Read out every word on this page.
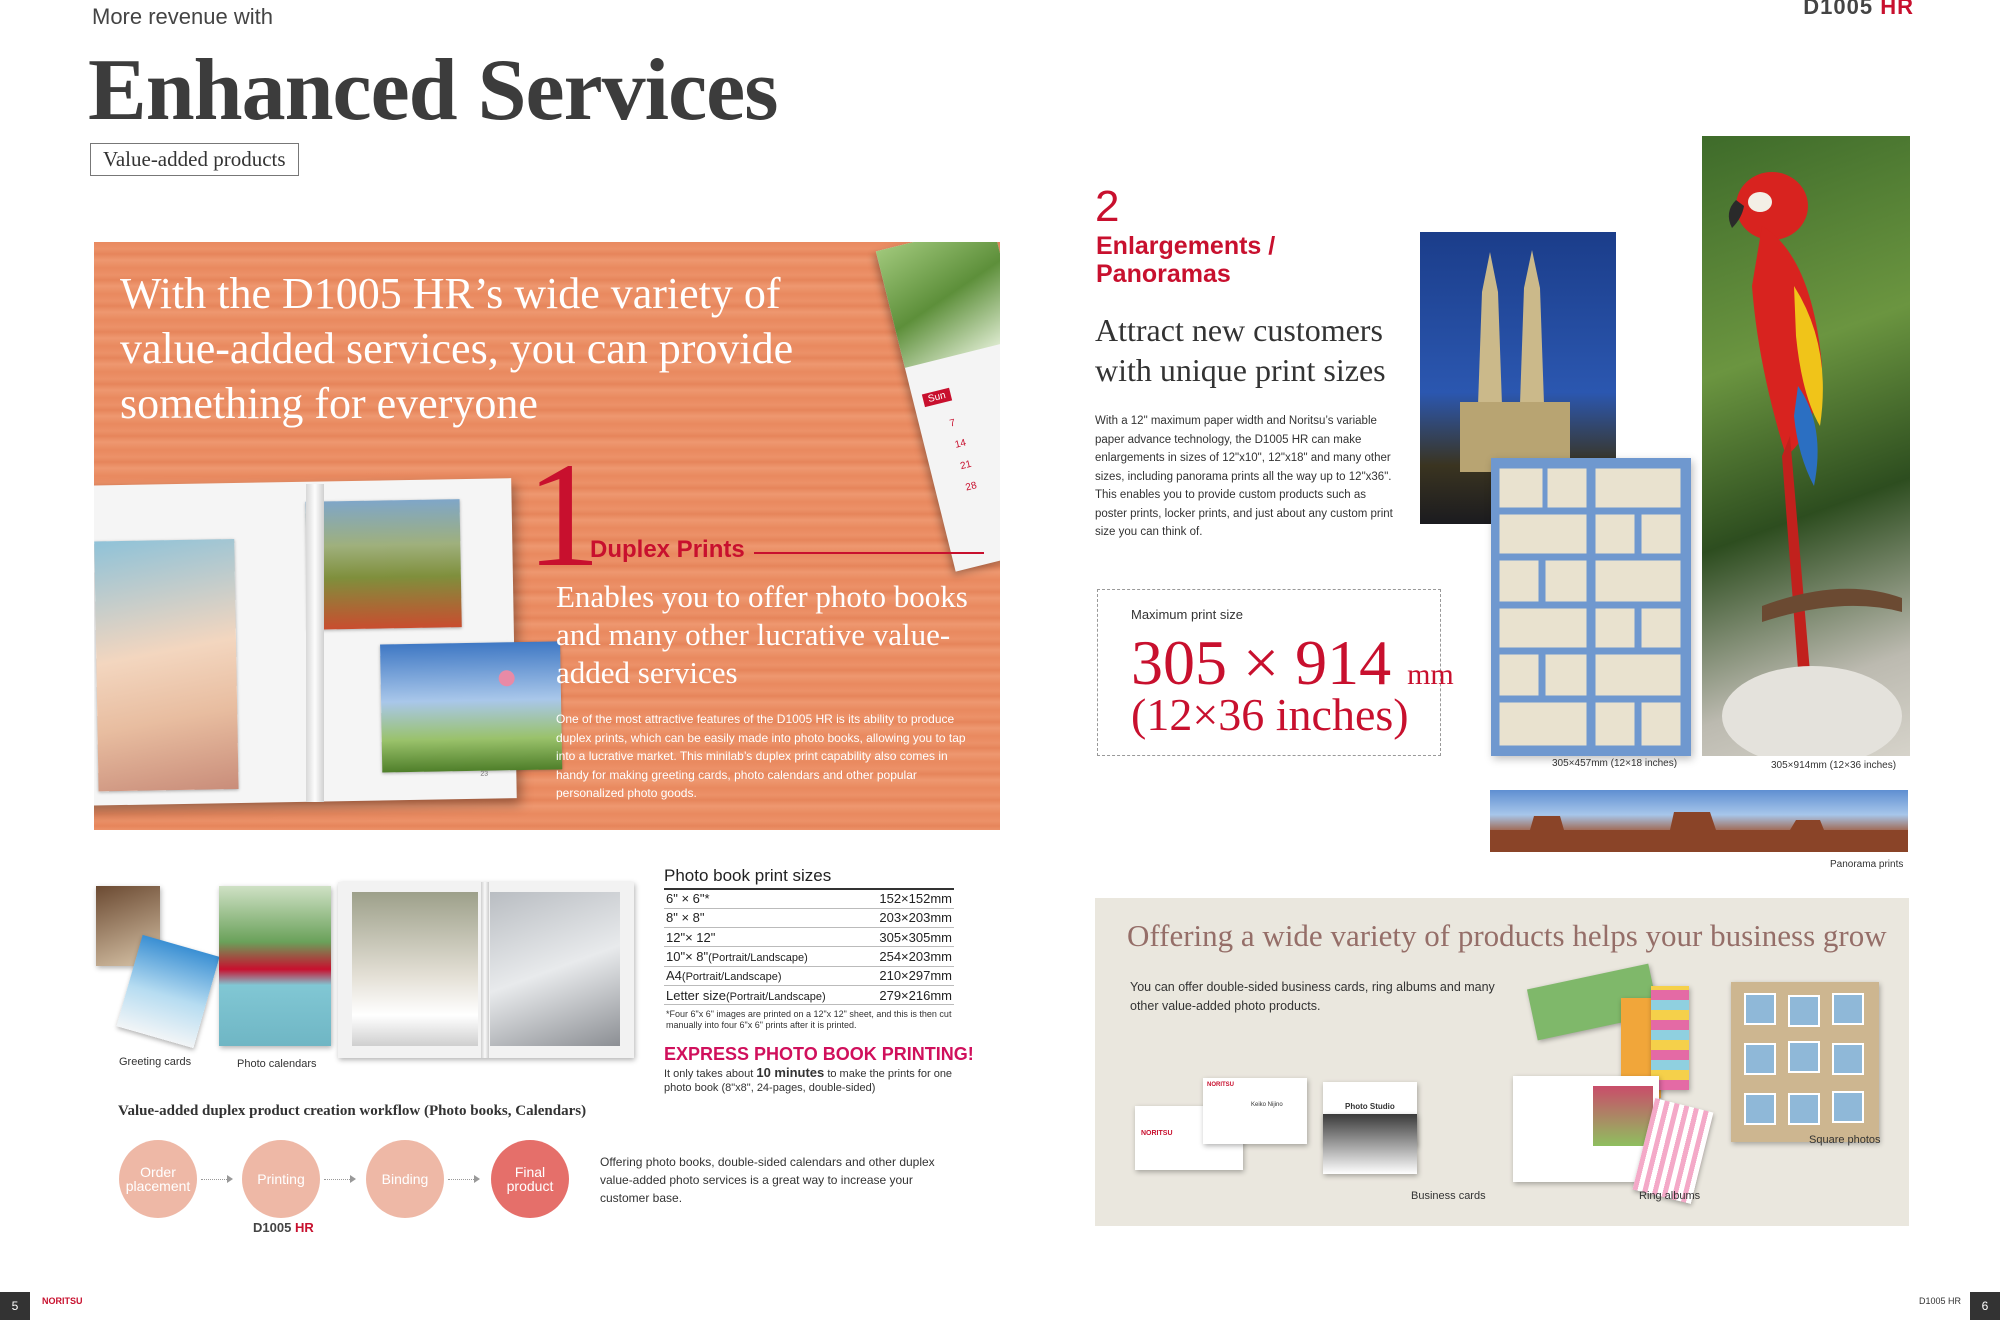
More revenue with
Enhanced Services
Value-added products
D1005 HR
With the D1005 HR’s wide variety of value-added services, you can provide something for everyone	Sun
7
14
21
28
23
1
Duplex Prints
Enables you to offer photo books and many other lucrative value-added services
One of the most attractive features of the D1005 HR is its ability to produce duplex prints, which can be easily made into photo books, allowing you to tap into a lucrative market. This minilab’s duplex print capability also comes in handy for making greeting cards, photo calendars and other popular personalized photo goods.
Greeting cards	Photo calendars
Photo book print sizes
6" × 6"*	152×152mm
8" × 8"	203×203mm
12"× 12"	305×305mm
10"× 8"(Portrait/Landscape)	254×203mm
A4(Portrait/Landscape)	210×297mm
Letter size(Portrait/Landscape)	279×216mm
*Four 6"x 6" images are printed on a 12"x 12" sheet, and this is then cut manually into four 6"x 6" prints after it is printed.
EXPRESS PHOTO BOOK PRINTING!
It only takes about 10 minutes to make the prints for one photo book (8"x8", 24-pages, double-sided)
Value-added duplex product creation workflow (Photo books, Calendars)
Order placement	Printing	Binding	Final product
D1005 HR
Offering photo books, double-sided calendars and other duplex value-added photo services is a great way to increase your customer base.
2
Enlargements / Panoramas
Attract new customers with unique print sizes
With a 12" maximum paper width and Noritsu’s variable paper advance technology, the D1005 HR can make enlargements in sizes of 12"x10", 12"x18" and many other sizes, including panorama prints all the way up to 12"x36". This enables you to provide custom products such as poster prints, locker prints, and just about any custom print size you can think of.
Maximum print size
305 × 914 mm
(12×36 inches)
305×457mm (12×18 inches)	305×914mm (12×36 inches)
Panorama prints
Offering a wide variety of products helps your business grow
You can offer double-sided business cards, ring albums and many other value-added photo products.
NORITSU
NORITSU
Keiko Nijino	Photo Studio
Business cards	Ring albums
Square photos
5	NORITSU	D1005 HR	6
